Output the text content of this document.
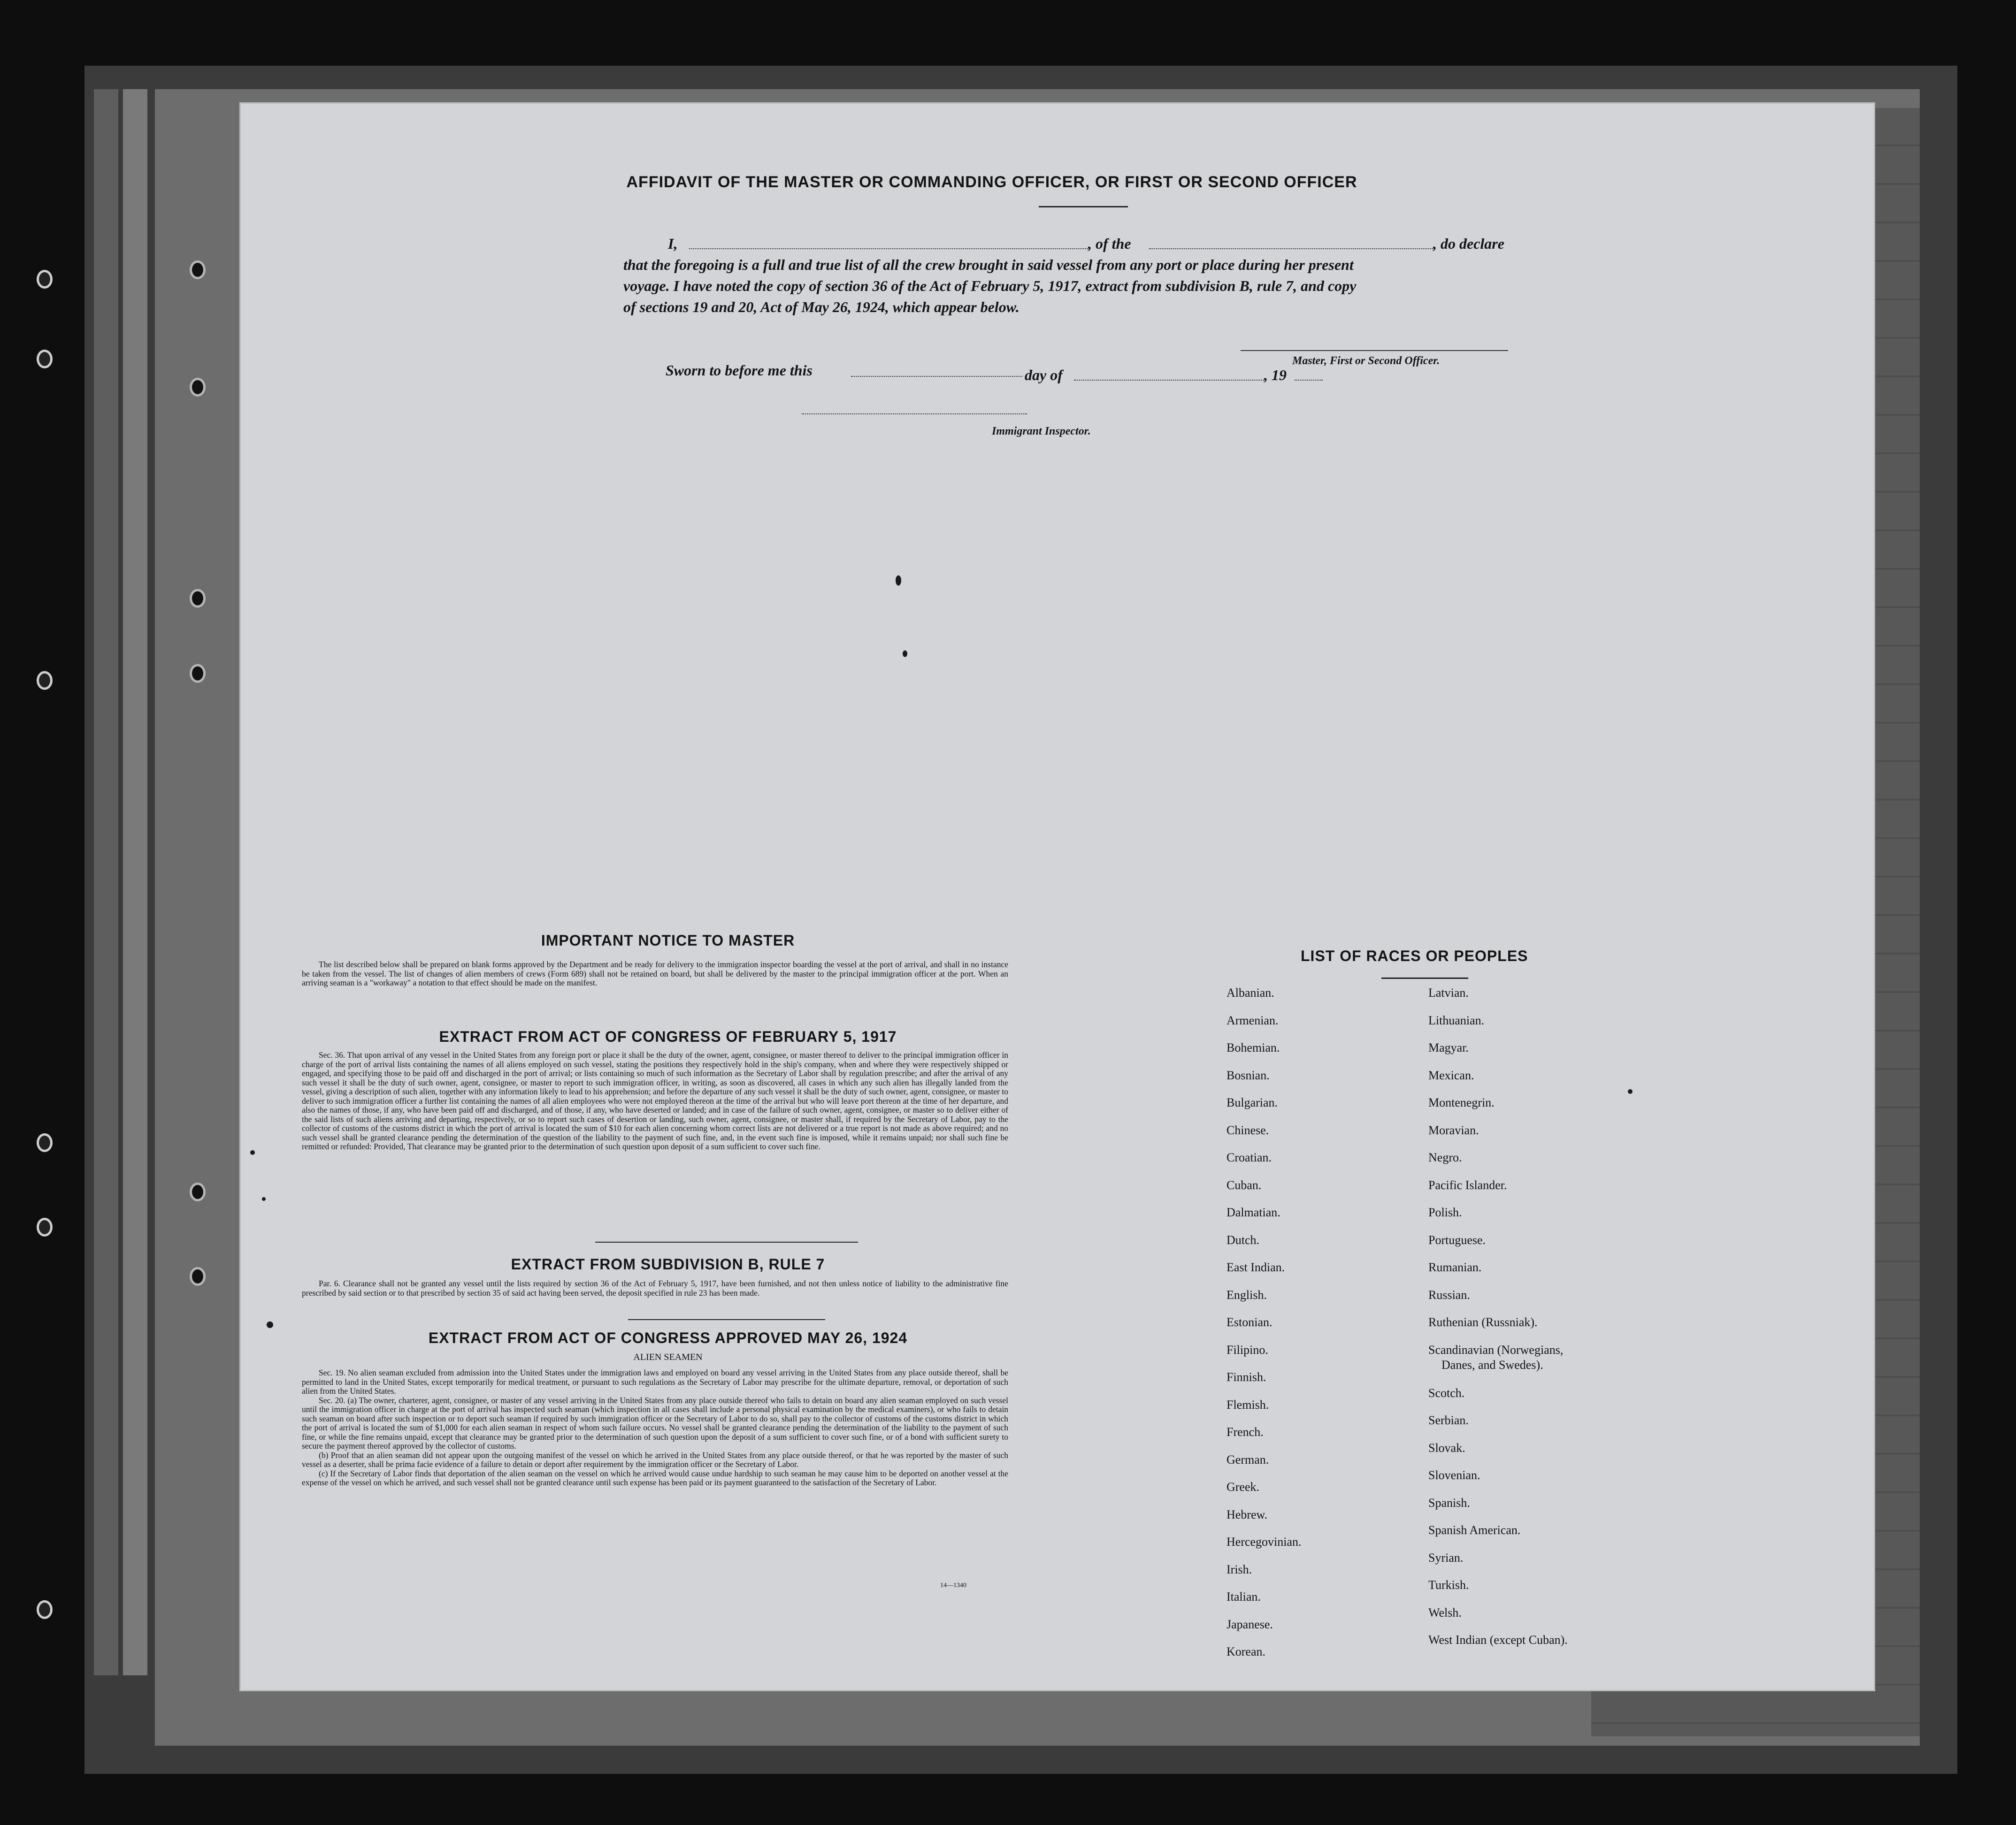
AFFIDAVIT OF THE MASTER OR COMMANDING OFFICER, OR FIRST OR SECOND OFFICER
I,	, of the	, do declare
that the foregoing is a full and true list of all the crew brought in said vessel from any port or place during her present
voyage. I have noted the copy of section 36 of the Act of February 5, 1917, extract from subdivision B, rule 7, and copy
of sections 19 and 20, Act of May 26, 1924, which appear below.
Master, First or Second Officer.
Sworn to before me this	day of	, 19
Immigrant Inspector.
IMPORTANT NOTICE TO MASTER

The list described below shall be prepared on blank forms approved by the Department and be ready for delivery to the immigration inspector boarding the vessel at the port of arrival, and shall in no instance be taken from the vessel. The list of changes of alien members of crews (Form 689) shall not be retained on board, but shall be delivered by the master to the principal immigration officer at the port. When an arriving seaman is a "workaway" a notation to that effect should be made on the manifest.

EXTRACT FROM ACT OF CONGRESS OF FEBRUARY 5, 1917

Sec. 36. That upon arrival of any vessel in the United States from any foreign port or place it shall be the duty of the owner, agent, consignee, or master thereof to deliver to the principal immigration officer in charge of the port of arrival lists containing the names of all aliens employed on such vessel, stating the positions they respectively hold in the ship's company, when and where they were respectively shipped or engaged, and specifying those to be paid off and discharged in the port of arrival; or lists containing so much of such information as the Secretary of Labor shall by regulation prescribe; and after the arrival of any such vessel it shall be the duty of such owner, agent, consignee, or master to report to such immigration officer, in writing, as soon as discovered, all cases in which any such alien has illegally landed from the vessel, giving a description of such alien, together with any information likely to lead to his apprehension; and before the departure of any such vessel it shall be the duty of such owner, agent, consignee, or master to deliver to such immigration officer a further list containing the names of all alien employees who were not employed thereon at the time of the arrival but who will leave port thereon at the time of her departure, and also the names of those, if any, who have been paid off and discharged, and of those, if any, who have deserted or landed; and in case of the failure of such owner, agent, consignee, or master so to deliver either of the said lists of such aliens arriving and departing, respectively, or so to report such cases of desertion or landing, such owner, agent, consignee, or master shall, if required by the Secretary of Labor, pay to the collector of customs of the customs district in which the port of arrival is located the sum of $10 for each alien concerning whom correct lists are not delivered or a true report is not made as above required; and no such vessel shall be granted clearance pending the determination of the question of the liability to the payment of such fine, and, in the event such fine is imposed, while it remains unpaid; nor shall such fine be remitted or refunded: Provided, That clearance may be granted prior to the determination of such question upon deposit of a sum sufficient to cover such fine.

EXTRACT FROM SUBDIVISION B, RULE 7

Par. 6. Clearance shall not be granted any vessel until the lists required by section 36 of the Act of February 5, 1917, have been furnished, and not then unless notice of liability to the administrative fine prescribed by said section or to that prescribed by section 35 of said act having been served, the deposit specified in rule 23 has been made.

EXTRACT FROM ACT OF CONGRESS APPROVED MAY 26, 1924
ALIEN SEAMEN

Sec. 19. No alien seaman excluded from admission into the United States under the immigration laws and employed on board any vessel arriving in the United States from any place outside thereof, shall be permitted to land in the United States, except temporarily for medical treatment, or pursuant to such regulations as the Secretary of Labor may prescribe for the ultimate departure, removal, or deportation of such alien from the United States.

Sec. 20. (a) The owner, charterer, agent, consignee, or master of any vessel arriving in the United States from any place outside thereof who fails to detain on board any alien seaman employed on such vessel until the immigration officer in charge at the port of arrival has inspected such seaman (which inspection in all cases shall include a personal physical examination by the medical examiners), or who fails to detain such seaman on board after such inspection or to deport such seaman if required by such immigration officer or the Secretary of Labor to do so, shall pay to the collector of customs of the customs district in which the port of arrival is located the sum of $1,000 for each alien seaman in respect of whom such failure occurs. No vessel shall be granted clearance pending the determination of the liability to the payment of such fine, or while the fine remains unpaid, except that clearance may be granted prior to the determination of such question upon the deposit of a sum sufficient to cover such fine, or of a bond with sufficient surety to secure the payment thereof approved by the collector of customs.

(b) Proof that an alien seaman did not appear upon the outgoing manifest of the vessel on which he arrived in the United States from any place outside thereof, or that he was reported by the master of such vessel as a deserter, shall be prima facie evidence of a failure to detain or deport after requirement by the immigration officer or the Secretary of Labor.

(c) If the Secretary of Labor finds that deportation of the alien seaman on the vessel on which he arrived would cause undue hardship to such seaman he may cause him to be deported on another vessel at the expense of the vessel on which he arrived, and such vessel shall not be granted clearance until such expense has been paid or its payment guaranteed to the satisfaction of the Secretary of Labor.

14—1340
LIST OF RACES OR PEOPLES
Albanian.
Armenian.
Bohemian.
Bosnian.
Bulgarian.
Chinese.
Croatian.
Cuban.
Dalmatian.
Dutch.
East Indian.
English.
Estonian.
Filipino.
Finnish.
Flemish.
French.
German.
Greek.
Hebrew.
Hercegovinian.
Irish.
Italian.
Japanese.
Korean.
Latvian.
Lithuanian.
Magyar.
Mexican.
Montenegrin.
Moravian.
Negro.
Pacific Islander.
Polish.
Portuguese.
Rumanian.
Russian.
Ruthenian (Russniak).
Scandinavian (Norwegians,
Danes, and Swedes).
Scotch.
Serbian.
Slovak.
Slovenian.
Spanish.
Spanish American.
Syrian.
Turkish.
Welsh.
West Indian (except Cuban).
